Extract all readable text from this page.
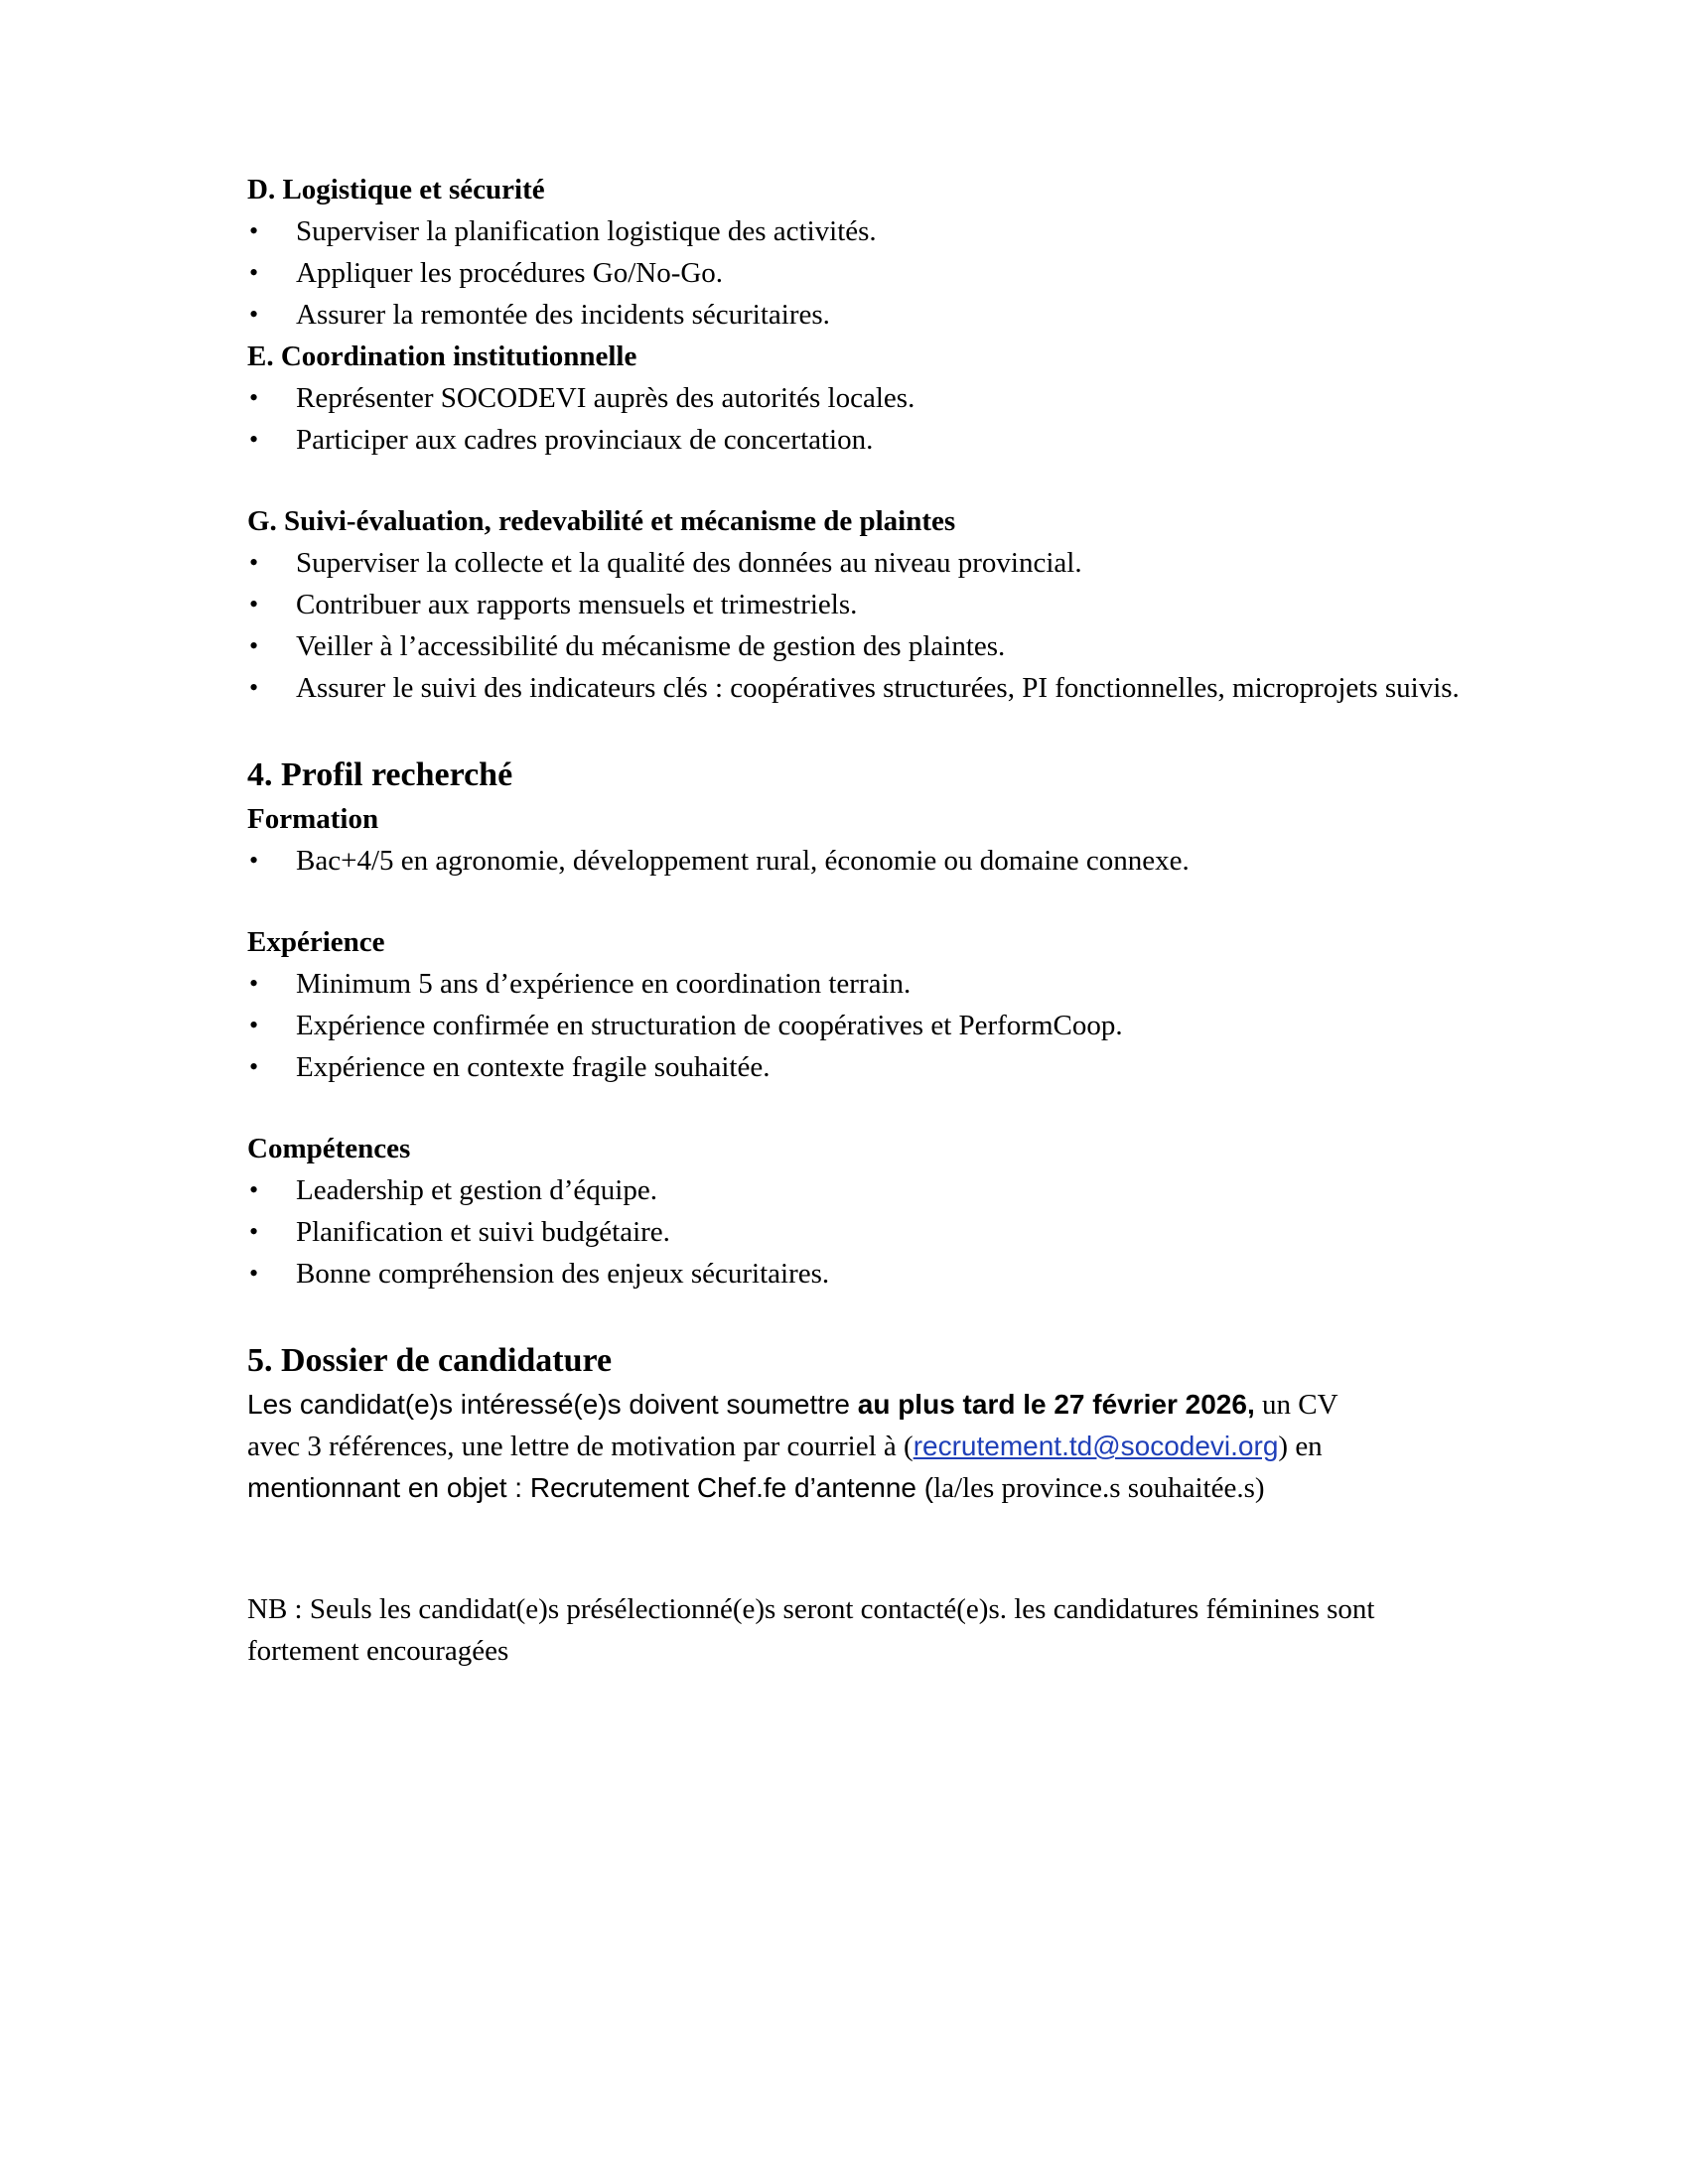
D. Logistique et sécurité

• Superviser la planification logistique des activités.
• Appliquer les procédures Go/No-Go.
• Assurer la remontée des incidents sécuritaires.

E. Coordination institutionnelle

• Représenter SOCODEVI auprès des autorités locales.
• Participer aux cadres provinciaux de concertation.

G. Suivi-évaluation, redevabilité et mécanisme de plaintes

• Superviser la collecte et la qualité des données au niveau provincial.
• Contribuer aux rapports mensuels et trimestriels.
• Veiller à l’accessibilité du mécanisme de gestion des plaintes.
• Assurer le suivi des indicateurs clés : coopératives structurées, PI fonctionnelles, microprojets suivis.

4. Profil recherché

Formation

• Bac+4/5 en agronomie, développement rural, économie ou domaine connexe.

Expérience

• Minimum 5 ans d’expérience en coordination terrain.
• Expérience confirmée en structuration de coopératives et PerformCoop.
• Expérience en contexte fragile souhaitée.

Compétences

• Leadership et gestion d’équipe.
• Planification et suivi budgétaire.
• Bonne compréhension des enjeux sécuritaires.

5. Dossier de candidature

Les candidat(e)s intéressé(e)s doivent soumettre au plus tard le 27 février 2026, un CV
avec 3 références, une lettre de motivation par courriel à (recrutement.td@socodevi.org) en
mentionnant en objet : Recrutement Chef.fe d’antenne (la/les province.s souhaitée.s)

NB : Seuls les candidat(e)s présélectionné(e)s seront contacté(e)s. les candidatures féminines sont fortement encouragées
